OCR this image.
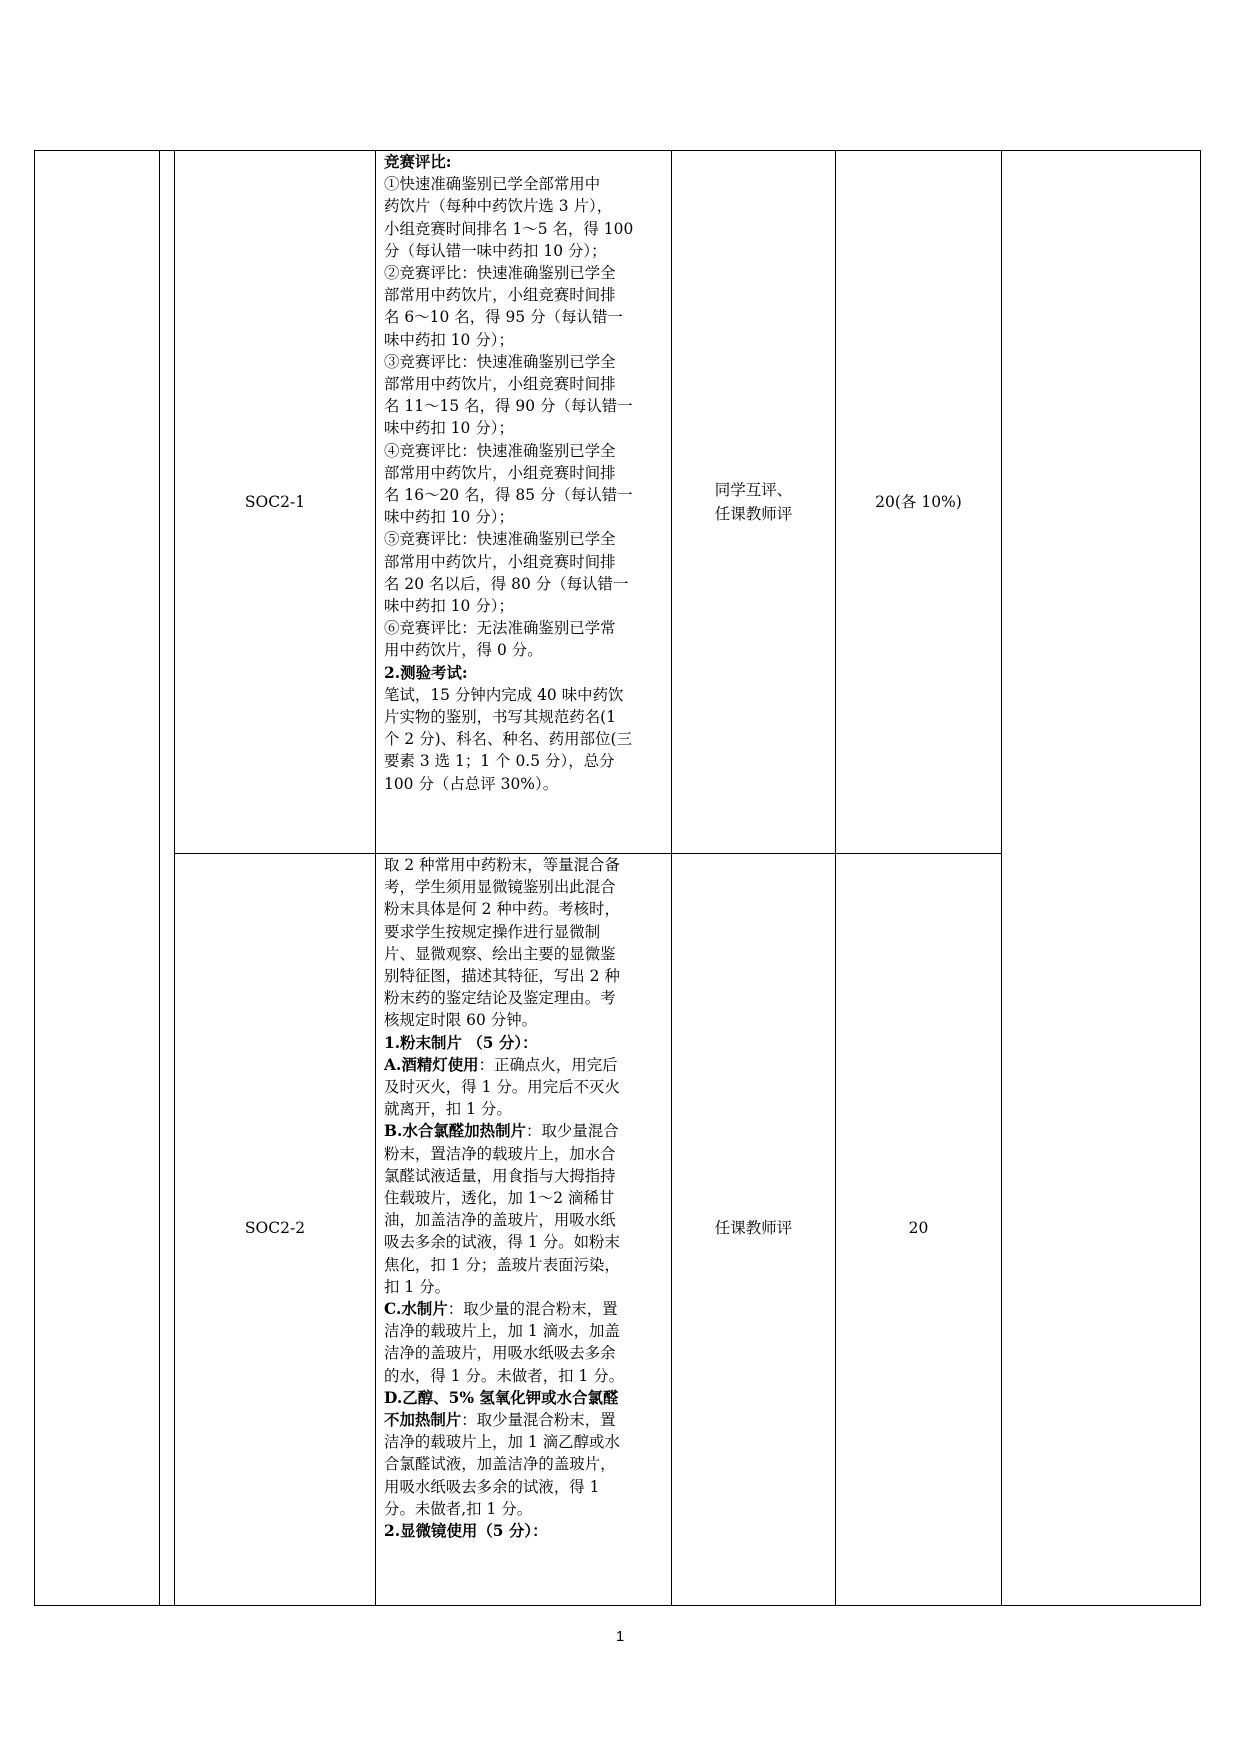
SOC2-1

竞赛评比:

①快速准确鉴别已学全部常用中

药饮片（每种中药饮片选 3 片），

小组竞赛时间排名 1～5 名，得 100

分（每认错一味中药扣 10 分）；

②竞赛评比：快速准确鉴别已学全

部常用中药饮片，小组竞赛时间排

名 6～10 名，得 95 分（每认错一

味中药扣 10 分）；

③竞赛评比：快速准确鉴别已学全

部常用中药饮片，小组竞赛时间排

名 11～15 名，得 90 分（每认错一

味中药扣 10 分）；

④竞赛评比：快速准确鉴别已学全

部常用中药饮片，小组竞赛时间排

名 16～20 名，得 85 分（每认错一

味中药扣 10 分）；

⑤竞赛评比：快速准确鉴别已学全

部常用中药饮片，小组竞赛时间排

名 20 名以后，得 80 分（每认错一

味中药扣 10 分）；

⑥竞赛评比：无法准确鉴别已学常

用中药饮片，得 0 分。

2.测验考试:

笔试，15 分钟内完成 40 味中药饮

片实物的鉴别，书写其规范药名(1

个 2 分)、科名、种名、药用部位(三

要素 3 选 1；1 个 0.5 分），总分

100 分（占总评 30%）。

同学互评、
任课教师评
20(各 10%)
SOC2-2

取 2 种常用中药粉末，等量混合备

考，学生须用显微镜鉴别出此混合

粉末具体是何 2 种中药。考核时，

要求学生按规定操作进行显微制

片、显微观察、绘出主要的显微鉴

别特征图，描述其特征，写出 2 种

粉末药的鉴定结论及鉴定理由。考

核规定时限 60 分钟。

1.粉末制片 （5 分）：

A.酒精灯使用：正确点火，用完后

及时灭火，得 1 分。用完后不灭火

就离开，扣 1 分。

B.水合氯醛加热制片：取少量混合

粉末，置洁净的载玻片上，加水合

氯醛试液适量，用食指与大拇指持

住载玻片，透化，加 1～2 滴稀甘

油，加盖洁净的盖玻片，用吸水纸

吸去多余的试液，得 1 分。如粉末

焦化，扣 1 分；盖玻片表面污染，

扣 1 分。

C.水制片：取少量的混合粉末，置

洁净的载玻片上，加 1 滴水，加盖

洁净的盖玻片，用吸水纸吸去多余

的水，得 1 分。未做者，扣 1 分。

D.乙醇、5% 氢氧化钾或水合氯醛

不加热制片：取少量混合粉末，置

洁净的载玻片上，加 1 滴乙醇或水

合氯醛试液，加盖洁净的盖玻片，

用吸水纸吸去多余的试液，得 1

分。未做者,扣 1 分。

2.显微镜使用（5 分）：

任课教师评	20
1
